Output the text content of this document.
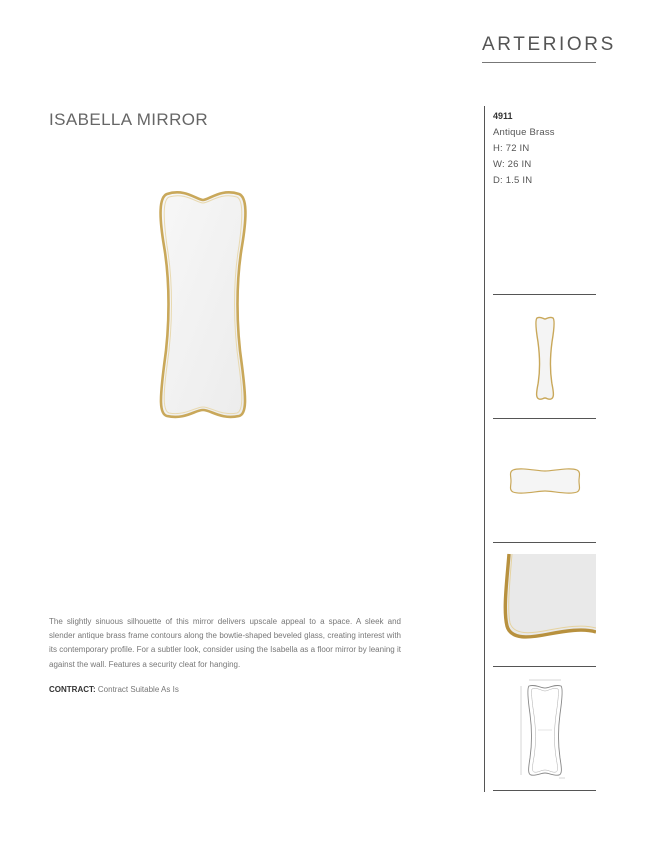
ARTERIORS
ISABELLA MIRROR	4911
Antique Brass
H: 72 IN
W: 26 IN
D: 1.5 IN
The slightly sinuous silhouette of this mirror delivers upscale appeal to a space. A sleek and slender antique brass frame contours along the bowtie-shaped beveled glass, creating interest with its contemporary profile. For a subtler look, consider using the Isabella as a floor mirror by leaning it against the wall. Features a security cleat for hanging.
CONTRACT: Contract Suitable As Is
